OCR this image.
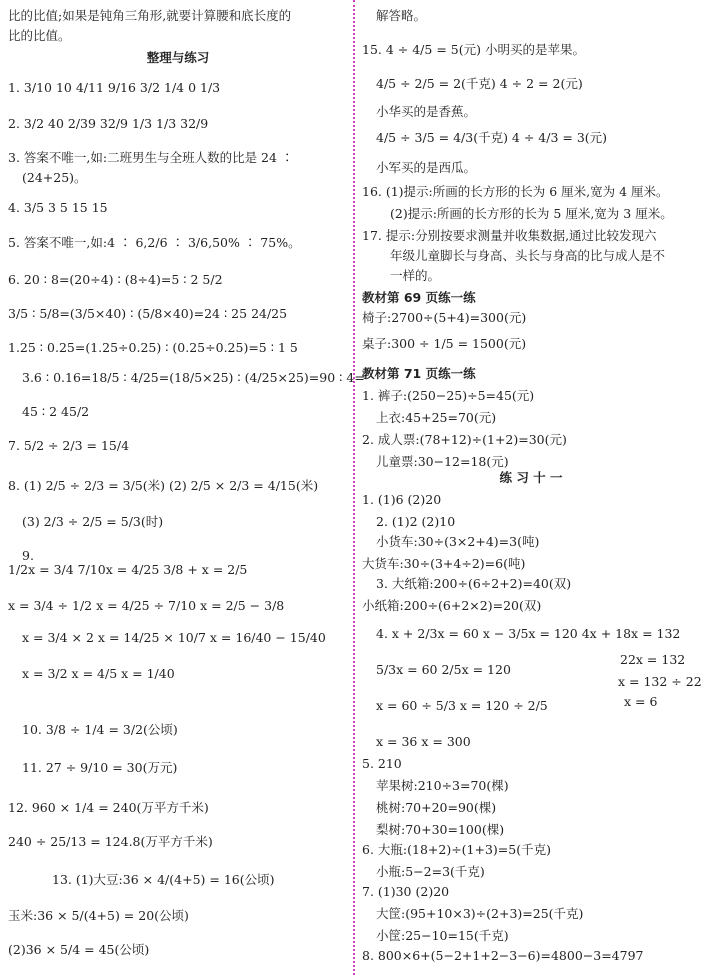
比的比值;如果是钝角三角形,就要计算腰和底长度的
比的比值。
整理与练习
1. 3/10 10 4/11 9/16 3/2 1/4 0 1/3
2. 3/2 40 2/39 32/9 1/3 1/3 32/9
3. 答案不唯一,如:二班男生与全班人数的比是 24 ∶
(24+25)。
4. 3/5 3 5 15 15
5. 答案不唯一,如:4 ∶ 6,2/6 ∶ 3/6,50% ∶ 75%。
6. 20 ∶ 8=(20÷4) ∶ (8÷4)=5 ∶ 2 5/2
3/5 ∶ 5/8=(3/5×40) ∶ (5/8×40)=24 ∶ 25 24/25
1.25 ∶ 0.25=(1.25÷0.25) ∶ (0.25÷0.25)=5 ∶ 1 5
3.6 ∶ 0.16=18/5 ∶ 4/25=(18/5×25) ∶ (4/25×25)=90 ∶ 4=
45 ∶ 2 45/2
7. 5/2 ÷ 2/3 = 15/4
8. (1) 2/5 ÷ 2/3 = 3/5(米) (2) 2/5 × 2/3 = 4/15(米)
(3) 2/3 ÷ 2/5 = 5/3(时)
9.
1/2x = 3/4 7/10x = 4/25 3/8 + x = 2/5
x = 3/4 ÷ 1/2 x = 4/25 ÷ 7/10 x = 2/5 − 3/8
x = 3/4 × 2 x = 14/25 × 10/7 x = 16/40 − 15/40
x = 3/2 x = 4/5 x = 1/40
10. 3/8 ÷ 1/4 = 3/2(公顷)
11. 27 ÷ 9/10 = 30(万元)
12. 960 × 1/4 = 240(万平方千米)
240 ÷ 25/13 = 124.8(万平方千米)
13. (1)大豆:36 × 4/(4+5) = 16(公顷)
玉米:36 × 5/(4+5) = 20(公顷)
(2)36 × 5/4 = 45(公顷)
解答略。
15. 4 ÷ 4/5 = 5(元) 小明买的是苹果。
4/5 ÷ 2/5 = 2(千克) 4 ÷ 2 = 2(元)
小华买的是香蕉。
4/5 ÷ 3/5 = 4/3(千克) 4 ÷ 4/3 = 3(元)
小军买的是西瓜。
16. (1)提示:所画的长方形的长为 6 厘米,宽为 4 厘米。
(2)提示:所画的长方形的长为 5 厘米,宽为 3 厘米。
17. 提示:分别按要求测量并收集数据,通过比较发现六
年级儿童脚长与身高、头长与身高的比与成人是不
一样的。
教材第 69 页练一练
椅子:2700÷(5+4)=300(元)
桌子:300 ÷ 1/5 = 1500(元)
教材第 71 页练一练
1. 裤子:(250−25)÷5=45(元)
上衣:45+25=70(元)
2. 成人票:(78+12)÷(1+2)=30(元)
儿童票:30−12=18(元)
练 习 十 一
1. (1)6 (2)20
2. (1)2 (2)10
小货车:30÷(3×2+4)=3(吨)
大货车:30÷(3+4÷2)=6(吨)
3. 大纸箱:200÷(6÷2+2)=40(双)
小纸箱:200÷(6+2×2)=20(双)
4. x + 2/3x = 60 x − 3/5x = 120 4x + 18x = 132
22x = 132
5/3x = 60 2/5x = 120
x = 132 ÷ 22
x = 6
x = 60 ÷ 5/3 x = 120 ÷ 2/5
x = 36 x = 300
5. 210
苹果树:210÷3=70(棵)
桃树:70+20=90(棵)
梨树:70+30=100(棵)
6. 大瓶:(18+2)÷(1+3)=5(千克)
小瓶:5−2=3(千克)
7. (1)30 (2)20
大筐:(95+10×3)÷(2+3)=25(千克)
小筐:25−10=15(千克)
8. 800×6+(5−2+1+2−3−6)=4800−3=4797
